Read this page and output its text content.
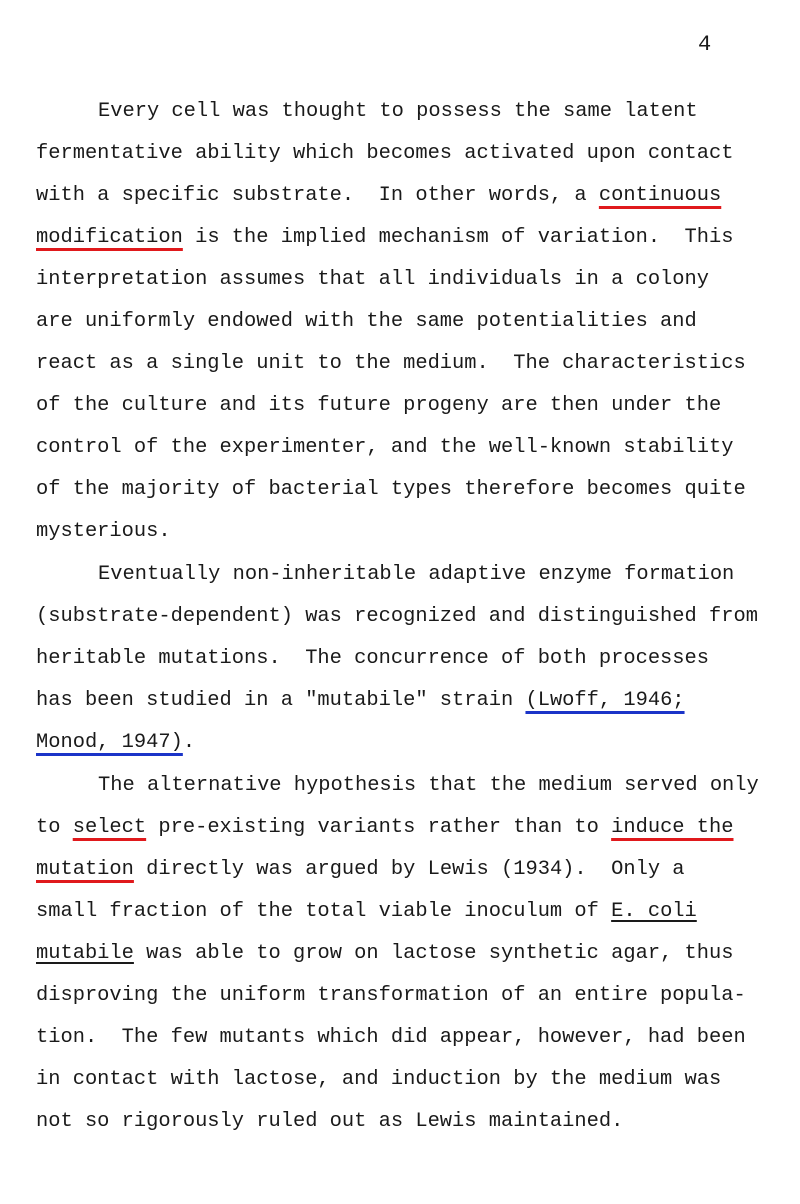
4
Every cell was thought to possess the same latent
fermentative ability which becomes activated upon contact
with a specific substrate.  In other words, a continuous
modification is the implied mechanism of variation.  This
interpretation assumes that all individuals in a colony
are uniformly endowed with the same potentialities and
react as a single unit to the medium.  The characteristics
of the culture and its future progeny are then under the
control of the experimenter, and the well-known stability
of the majority of bacterial types therefore becomes quite
mysterious.
Eventually non-inheritable adaptive enzyme formation
(substrate-dependent) was recognized and distinguished from
heritable mutations.  The concurrence of both processes
has been studied in a "mutabile" strain (Lwoff, 1946;
Monod, 1947).
The alternative hypothesis that the medium served only
to select pre-existing variants rather than to induce the
mutation directly was argued by Lewis (1934).  Only a
small fraction of the total viable inoculum of E. coli
mutabile was able to grow on lactose synthetic agar, thus
disproving the uniform transformation of an entire popula-
tion.  The few mutants which did appear, however, had been
in contact with lactose, and induction by the medium was
not so rigorously ruled out as Lewis maintained.
